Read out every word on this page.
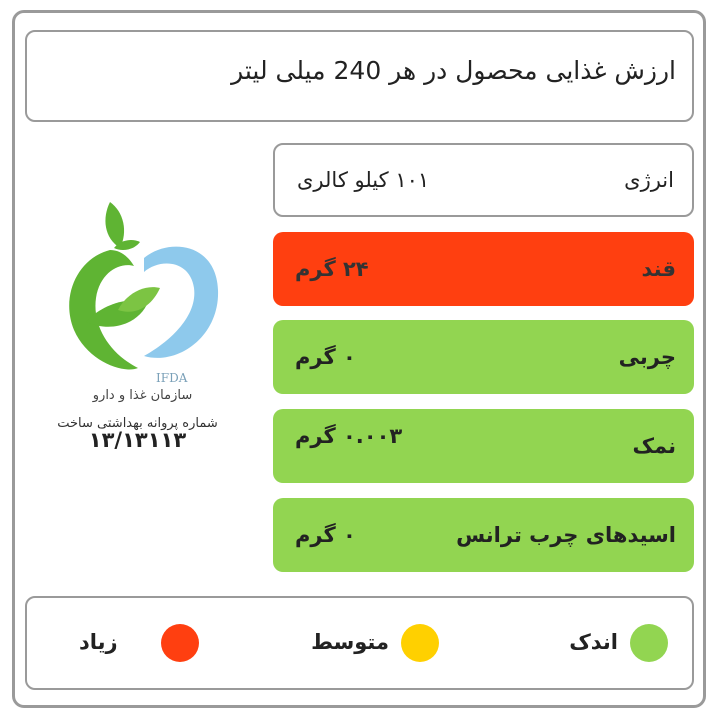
ارزش غذایی محصول در هر 240 میلی لیتر
انرژی
۱۰۱ کیلو کالری
قند
۲۴ گرم
چربی
۰ گرم
نمک
۰.۰۰۳ گرم
اسیدهای چرب ترانس
۰ گرم
IFDA
سازمان غذا و دارو
شماره پروانه بهداشتی ساخت
۱۳/۱۳۱۱۳
اندک
متوسط
زیاد
